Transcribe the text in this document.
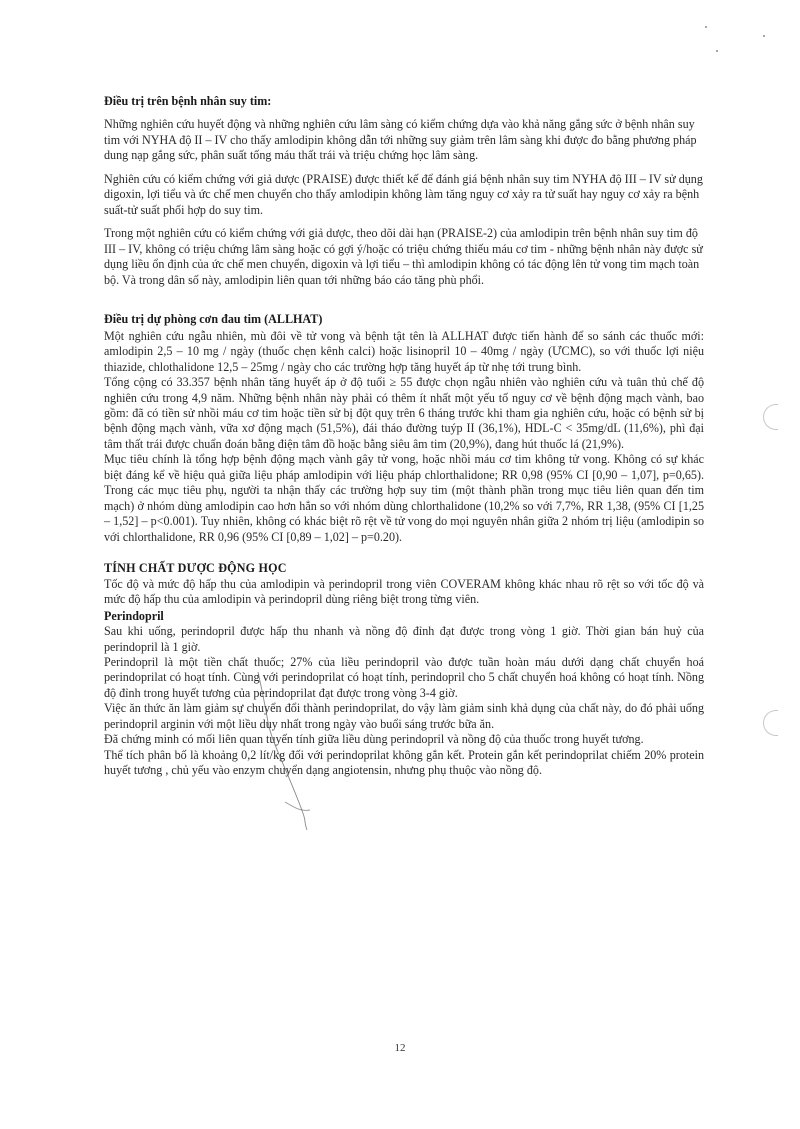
Điều trị trên bệnh nhân suy tim:

Những nghiên cứu huyết động và những nghiên cứu lâm sàng có kiểm chứng dựa vào khả năng gắng sức ở bệnh nhân suy tim với NYHA độ II – IV cho thấy amlodipin không dẫn tới những suy giảm trên lâm sàng khi được đo bằng phương pháp dung nạp gắng sức, phân suất tống máu thất trái và triệu chứng học lâm sàng.

Nghiên cứu có kiểm chứng với giả dược (PRAISE) được thiết kế để đánh giá bệnh nhân suy tim NYHA độ III – IV sử dụng digoxin, lợi tiểu và ức chế men chuyển cho thấy amlodipin không làm tăng nguy cơ xảy ra tử suất hay nguy cơ xảy ra bệnh suất-tử suất phối hợp do suy tim.

Trong một nghiên cứu có kiểm chứng với giả dược, theo dõi dài hạn (PRAISE-2) của amlodipin trên bệnh nhân suy tim độ III – IV, không có triệu chứng lâm sàng hoặc có gợi ý/hoặc có triệu chứng thiếu máu cơ tim - những bệnh nhân này được sử dụng liều ổn định của ức chế men chuyển, digoxin và lợi tiểu – thì amlodipin không có tác động lên tử vong tim mạch toàn bộ. Và trong dân số này, amlodipin liên quan tới những báo cáo tăng phù phổi.

Điều trị dự phòng cơn đau tim (ALLHAT)

Một nghiên cứu ngẫu nhiên, mù đôi về tử vong và bệnh tật tên là ALLHAT được tiến hành để so sánh các thuốc mới: amlodipin 2,5 – 10 mg / ngày (thuốc chẹn kênh calci) hoặc lisinopril 10 – 40mg / ngày (ƯCMC), so với thuốc lợi niệu thiazide, chlothalidone 12,5 – 25mg / ngày cho các trường hợp tăng huyết áp từ nhẹ tới trung bình.

Tổng cộng có 33.357 bệnh nhân tăng huyết áp ở độ tuổi ≥ 55 được chọn ngẫu nhiên vào nghiên cứu và tuân thủ chế độ nghiên cứu trong 4,9 năm. Những bệnh nhân này phải có thêm ít nhất một yếu tố nguy cơ về bệnh động mạch vành, bao gồm: đã có tiền sử nhồi máu cơ tim hoặc tiền sử bị đột quỵ trên 6 tháng trước khi tham gia nghiên cứu, hoặc có bệnh sử bị bệnh động mạch vành, vữa xơ động mạch (51,5%), đái tháo đường tuýp II (36,1%), HDL-C < 35mg/dL (11,6%), phì đại tâm thất trái được chuẩn đoán bằng điện tâm đồ hoặc bằng siêu âm tim (20,9%), đang hút thuốc lá (21,9%).

Mục tiêu chính là tổng hợp bệnh động mạch vành gây tử vong, hoặc nhồi máu cơ tim không tử vong. Không có sự khác biệt đáng kể về hiệu quả giữa liệu pháp amlodipin với liệu pháp chlorthalidone; RR 0,98 (95% CI [0,90 – 1,07], p=0,65). Trong các mục tiêu phụ, người ta nhận thấy các trường hợp suy tim (một thành phần trong mục tiêu liên quan đến tim mạch) ở nhóm dùng amlodipin cao hơn hẳn so với nhóm dùng chlorthalidone (10,2% so với 7,7%, RR 1,38, (95% CI [1,25 – 1,52] – p<0.001). Tuy nhiên, không có khác biệt rõ rệt về tử vong do mọi nguyên nhân giữa 2 nhóm trị liệu (amlodipin so với chlorthalidone, RR 0,96 (95% CI [0,89 – 1,02] – p=0.20).

TÍNH CHẤT DƯỢC ĐỘNG HỌC

Tốc độ và mức độ hấp thu của amlodipin và perindopril trong viên COVERAM không khác nhau rõ rệt so với tốc độ và mức độ hấp thu của amlodipin và perindopril dùng riêng biệt trong từng viên.

Perindopril

Sau khi uống, perindopril được hấp thu nhanh và nồng độ đỉnh đạt được trong vòng 1 giờ. Thời gian bán huỷ của perindopril là 1 giờ.

Perindopril là một tiền chất thuốc; 27% của liều perindopril vào được tuần hoàn máu dưới dạng chất chuyển hoá perindoprilat có hoạt tính. Cùng với perindoprilat có hoạt tính, perindopril cho 5 chất chuyển hoá không có hoạt tính. Nồng độ đỉnh trong huyết tương của perindoprilat đạt được trong vòng 3-4 giờ.

Việc ăn thức ăn làm giảm sự chuyển đổi thành perindoprilat, do vậy làm giảm sinh khả dụng của chất này, do đó phải uống perindopril arginin với một liều duy nhất trong ngày vào buổi sáng trước bữa ăn.

Đã chứng minh có mối liên quan tuyến tính giữa liều dùng perindopril và nồng độ của thuốc trong huyết tương.

Thể tích phân bố là khoảng 0,2 lít/kg đối với perindoprilat không gắn kết. Protein gắn kết perindoprilat chiếm 20% protein huyết tương , chủ yếu vào enzym chuyển dạng angiotensin, nhưng phụ thuộc vào nồng độ.

12
